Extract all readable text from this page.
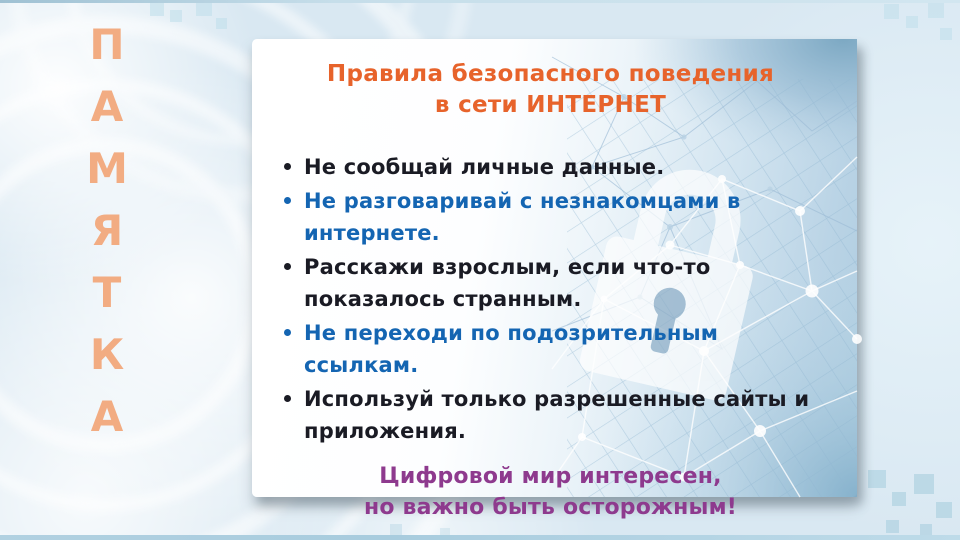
П
А
М
Я
Т
К
А
Правила безопасного поведения
в сети ИНТЕРНЕТ
Не сообщай личные данные.
Не разговаривай с незнакомцами в
интернете.
Расскажи взрослым, если что-то
показалось странным.
Не переходи по подозрительным ссылкам.
Используй только разрешенные сайты и
приложения.
Цифровой мир интересен,
но важно быть осторожным!
